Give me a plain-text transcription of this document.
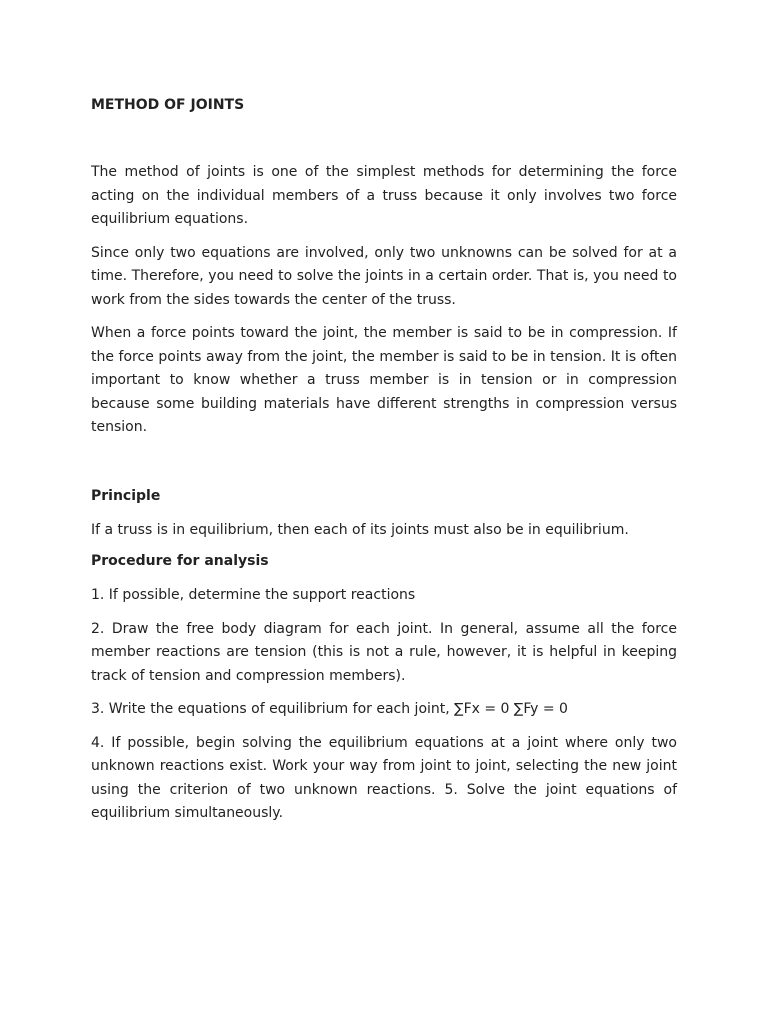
METHOD OF JOINTS

The method of joints is one of the simplest methods for determining the force acting on the individual members of a truss because it only involves two force equilibrium equations.

Since only two equations are involved, only two unknowns can be solved for at a time. Therefore, you need to solve the joints in a certain order. That is, you need to work from the sides towards the center of the truss.

When a force points toward the joint, the member is said to be in compression. If the force points away from the joint, the member is said to be in tension. It is often important to know whether a truss member is in tension or in compression because some building materials have different strengths in compression versus tension.

Principle

If a truss is in equilibrium, then each of its joints must also be in equilibrium.

Procedure for analysis

1. If possible, determine the support reactions

2. Draw the free body diagram for each joint. In general, assume all the force member reactions are tension (this is not a rule, however, it is helpful in keeping track of tension and compression members).

3. Write the equations of equilibrium for each joint, ∑Fx = 0 ∑Fy = 0

4. If possible, begin solving the equilibrium equations at a joint where only two unknown reactions exist. Work your way from joint to joint, selecting the new joint using the criterion of two unknown reactions. 5. Solve the joint equations of equilibrium simultaneously.
